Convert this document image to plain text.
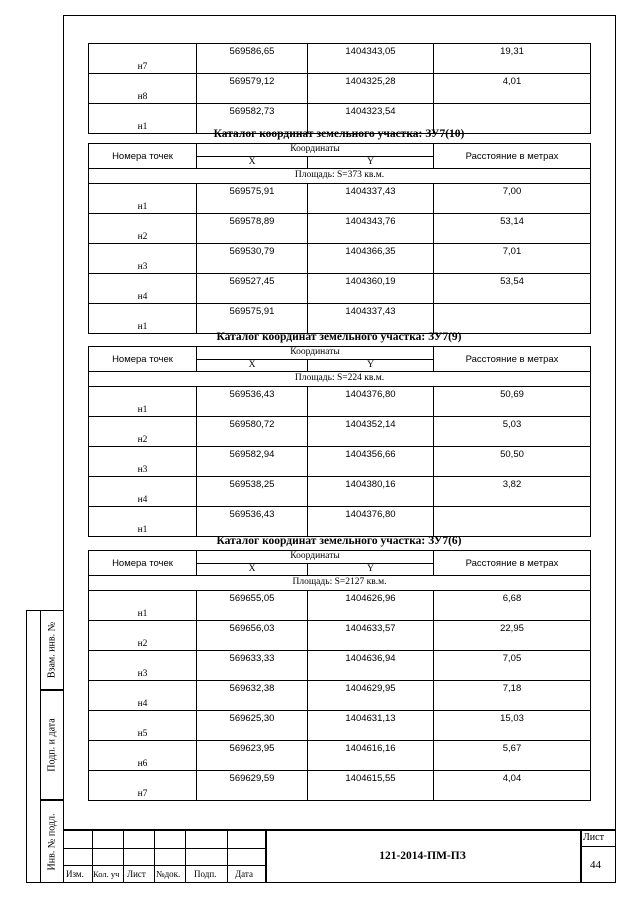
Взам. инв. №
Подп. и дата
Инв. № подл.
н7	569586,65	1404343,05	19,31
н8	569579,12	1404325,28	4,01
н1	569582,73	1404323,54	
Каталог координат земельного участка: ЗУ7(10)
Номера точек	Координаты		Расстояние в метрах
	X	Y	
Площадь: S=373 кв.м.			
н1	569575,91	1404337,43	7,00
н2	569578,89	1404343,76	53,14
н3	569530,79	1404366,35	7,01
н4	569527,45	1404360,19	53,54
н1	569575,91	1404337,43	
Каталог координат земельного участка: ЗУ7(9)
Номера точек	Координаты		Расстояние в метрах
	X	Y	
Площадь: S=224 кв.м.			
н1	569536,43	1404376,80	50,69
н2	569580,72	1404352,14	5,03
н3	569582,94	1404356,66	50,50
н4	569538,25	1404380,16	3,82
н1	569536,43	1404376,80	
Каталог координат земельного участка: ЗУ7(6)
Номера точек	Координаты		Расстояние в метрах
	X	Y	
Площадь: S=2127 кв.м.			
н1	569655,05	1404626,96	6,68
н2	569656,03	1404633,57	22,95
н3	569633,33	1404636,94	7,05
н4	569632,38	1404629,95	7,18
н5	569625,30	1404631,13	15,03
н6	569623,95	1404616,16	5,67
н7	569629,59	1404615,55	4,04
Изм. Кол. уч Лист №док. Подп. Дата
Лист
44
121-2014-ПМ-ПЗ
